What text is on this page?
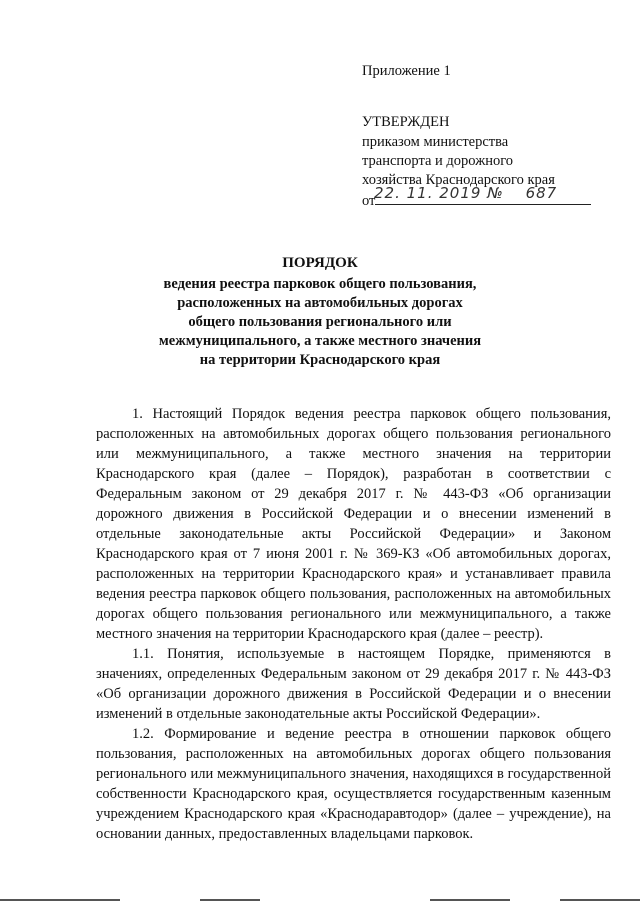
Приложение 1
УТВЕРЖДЕН
приказом министерства
транспорта и дорожного
хозяйства Краснодарского края
от
22. 11. 2019 № 687
ПОРЯДОК
ведения реестра парковок общего пользования,
расположенных на автомобильных дорогах
общего пользования регионального или
межмуниципального, а также местного значения
на территории Краснодарского края

1. Настоящий Порядок ведения реестра парковок общего пользования, расположенных на автомобильных дорогах общего пользования регионального или межмуниципального, а также местного значения на территории Краснодарского края (далее – Порядок), разработан в соответствии с Федеральным законом от 29 декабря 2017 г. № 443-ФЗ «Об организации дорожного движения в Российской Федерации и о внесении изменений в отдельные законодательные акты Российской Федерации» и Законом Краснодарского края от 7 июня 2001 г. № 369-КЗ «Об автомобильных дорогах, расположенных на территории Краснодарского края» и устанавливает правила ведения реестра парковок общего пользования, расположенных на автомобильных дорогах общего пользования регионального или межмуниципального, а также местного значения на территории Краснодарского края (далее – реестр).

1.1. Понятия, используемые в настоящем Порядке, применяются в значениях, определенных Федеральным законом от 29 декабря 2017 г. № 443-ФЗ «Об организации дорожного движения в Российской Федерации и о внесении изменений в отдельные законодательные акты Российской Федерации».

1.2. Формирование и ведение реестра в отношении парковок общего пользования, расположенных на автомобильных дорогах общего пользования регионального или межмуниципального значения, находящихся в государственной собственности Краснодарского края, осуществляется государственным казенным учреждением Краснодарского края «Краснодаравтодор» (далее – учреждение), на основании данных, предоставленных владельцами парковок.
